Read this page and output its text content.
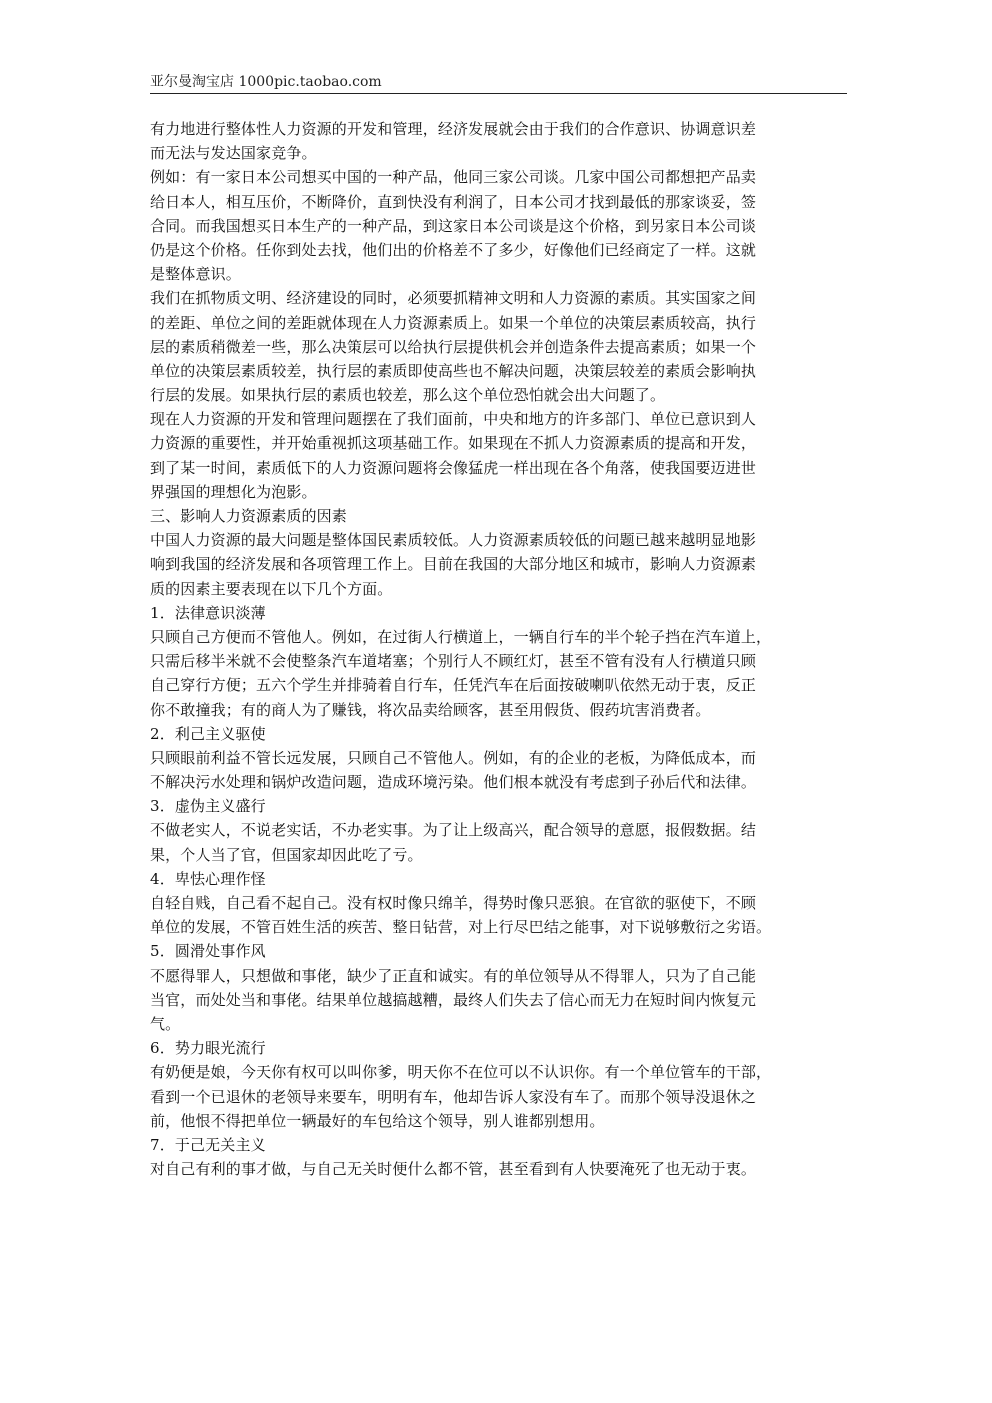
亚尔曼淘宝店 1000pic.taobao.com
有力地进行整体性人力资源的开发和管理，经济发展就会由于我们的合作意识、协调意识差
而无法与发达国家竞争。
例如：有一家日本公司想买中国的一种产品，他同三家公司谈。几家中国公司都想把产品卖
给日本人，相互压价，不断降价，直到快没有利润了，日本公司才找到最低的那家谈妥，签
合同。而我国想买日本生产的一种产品，到这家日本公司谈是这个价格，到另家日本公司谈
仍是这个价格。任你到处去找，他们出的价格差不了多少，好像他们已经商定了一样。这就
是整体意识。
我们在抓物质文明、经济建设的同时，必须要抓精神文明和人力资源的素质。其实国家之间
的差距、单位之间的差距就体现在人力资源素质上。如果一个单位的决策层素质较高，执行
层的素质稍微差一些，那么决策层可以给执行层提供机会并创造条件去提高素质；如果一个
单位的决策层素质较差，执行层的素质即使高些也不解决问题，决策层较差的素质会影响执
行层的发展。如果执行层的素质也较差，那么这个单位恐怕就会出大问题了。
现在人力资源的开发和管理问题摆在了我们面前，中央和地方的许多部门、单位已意识到人
力资源的重要性，并开始重视抓这项基础工作。如果现在不抓人力资源素质的提高和开发，
到了某一时间，素质低下的人力资源问题将会像猛虎一样出现在各个角落，使我国要迈进世
界强国的理想化为泡影。
三、影响人力资源素质的因素
中国人力资源的最大问题是整体国民素质较低。人力资源素质较低的问题已越来越明显地影
响到我国的经济发展和各项管理工作上。目前在我国的大部分地区和城市，影响人力资源素
质的因素主要表现在以下几个方面。
1．法律意识淡薄
只顾自己方便而不管他人。例如，在过街人行横道上，一辆自行车的半个轮子挡在汽车道上，
只需后移半米就不会使整条汽车道堵塞；个别行人不顾红灯，甚至不管有没有人行横道只顾
自己穿行方便；五六个学生并排骑着自行车，任凭汽车在后面按破喇叭依然无动于衷，反正
你不敢撞我；有的商人为了赚钱，将次品卖给顾客，甚至用假货、假药坑害消费者。
2．利己主义驱使
只顾眼前利益不管长远发展，只顾自己不管他人。例如，有的企业的老板，为降低成本，而
不解决污水处理和锅炉改造问题，造成环境污染。他们根本就没有考虑到子孙后代和法律。
3．虚伪主义盛行
不做老实人，不说老实话，不办老实事。为了让上级高兴，配合领导的意愿，报假数据。结
果，个人当了官，但国家却因此吃了亏。
4．卑怯心理作怪
自轻自贱，自己看不起自己。没有权时像只绵羊，得势时像只恶狼。在官欲的驱使下，不顾
单位的发展，不管百姓生活的疾苦、整日钻营，对上行尽巴结之能事，对下说够敷衍之劣语。
5．圆滑处事作风
不愿得罪人，只想做和事佬，缺少了正直和诚实。有的单位领导从不得罪人，只为了自己能
当官，而处处当和事佬。结果单位越搞越糟，最终人们失去了信心而无力在短时间内恢复元
气。
6．势力眼光流行
有奶便是娘，今天你有权可以叫你爹，明天你不在位可以不认识你。有一个单位管车的干部，
看到一个已退休的老领导来要车，明明有车，他却告诉人家没有车了。而那个领导没退休之
前，他恨不得把单位一辆最好的车包给这个领导，别人谁都别想用。
7．于己无关主义
对自己有利的事才做，与自己无关时便什么都不管，甚至看到有人快要淹死了也无动于衷。
